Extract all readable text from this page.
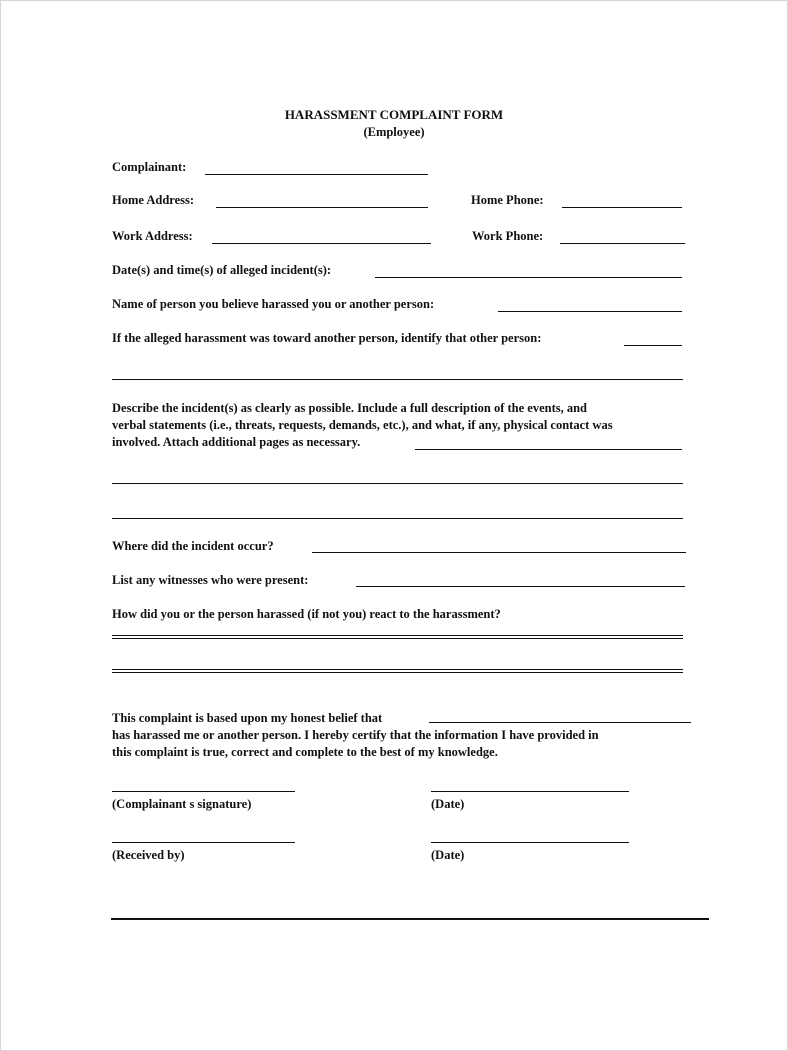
HARASSMENT COMPLAINT FORM
(Employee)
Complainant:
Home Address:	Home Phone:
Work Address:	Work Phone:
Date(s) and time(s) of alleged incident(s):
Name of person you believe harassed you or another person:
If the alleged harassment was toward another person, identify that other person:
Describe the incident(s) as clearly as possible. Include a full description of the events, and
verbal statements (i.e., threats, requests, demands, etc.), and what, if any, physical contact was
involved. Attach additional pages as necessary.
Where did the incident occur?
List any witnesses who were present:
How did you or the person harassed (if not you) react to the harassment?
This complaint is based upon my honest belief that
has harassed me or another person. I hereby certify that the information I have provided in
this complaint is true, correct and complete to the best of my knowledge.
(Complainant s signature)	(Date)
(Received by)	(Date)
